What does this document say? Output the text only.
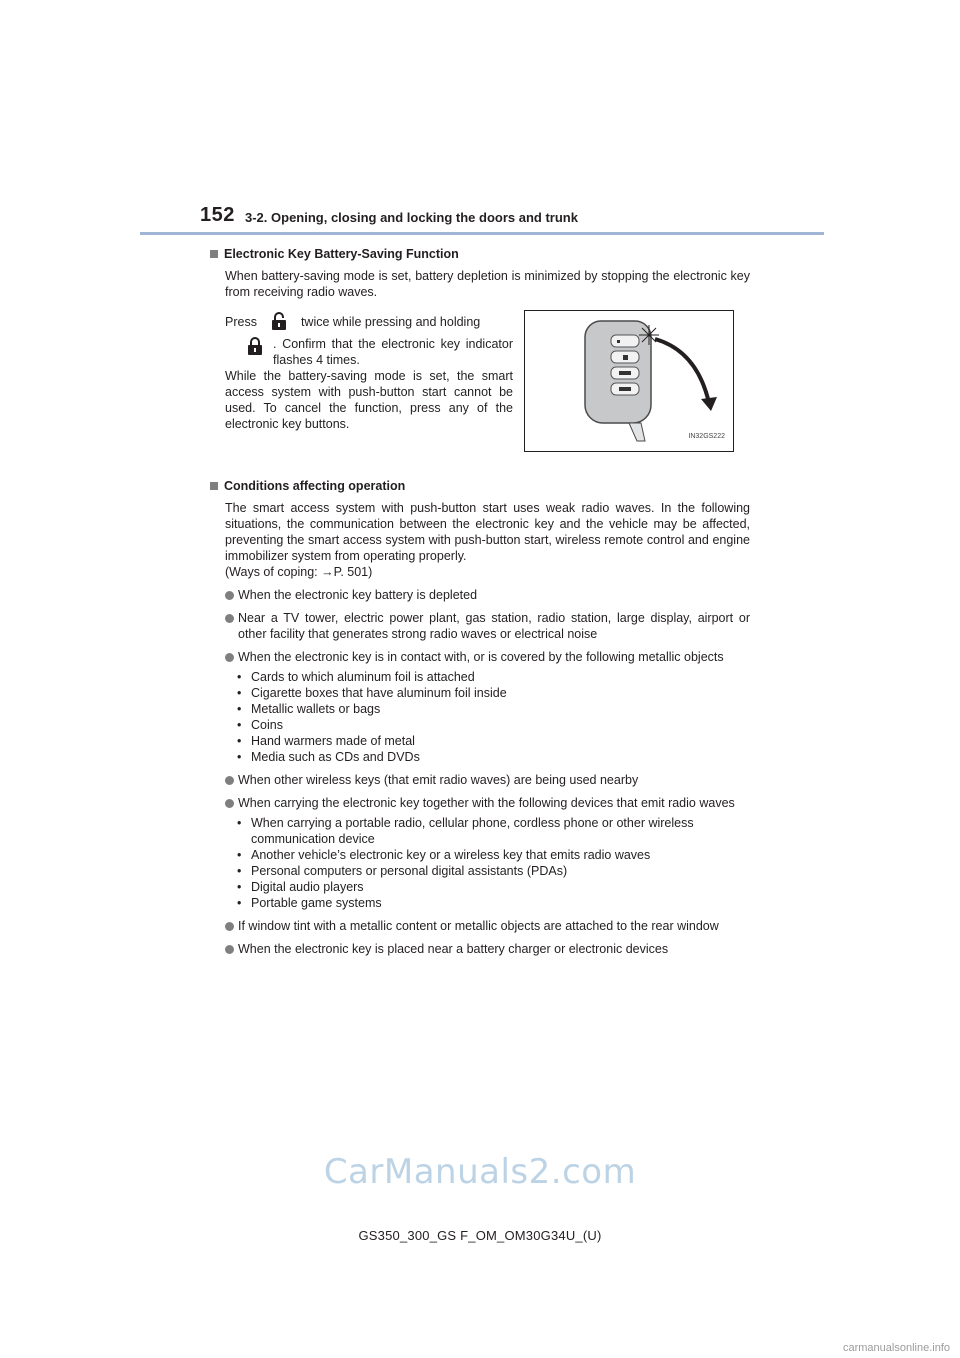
152 3-2. Opening, closing and locking the doors and trunk
Electronic Key Battery-Saving Function
When battery-saving mode is set, battery depletion is minimized by stopping the electronic key from receiving radio waves.
Press	twice while pressing and holding
. Confirm that the electronic key indicator flashes 4 times.
While the battery-saving mode is set, the smart access system with push-button start cannot be used. To cancel the function, press any of the electronic key buttons.
IN32GS222
Conditions affecting operation
The smart access system with push-button start uses weak radio waves. In the following situations, the communication between the electronic key and the vehicle may be affected, preventing the smart access system with push-button start, wireless remote control and engine immobilizer system from operating properly.
(Ways of coping: →P. 501)
When the electronic key battery is depleted
Near a TV tower, electric power plant, gas station, radio station, large display, airport or other facility that generates strong radio waves or electrical noise
When the electronic key is in contact with, or is covered by the following metallic objects
• Cards to which aluminum foil is attached
• Cigarette boxes that have aluminum foil inside
• Metallic wallets or bags
• Coins
• Hand warmers made of metal
• Media such as CDs and DVDs
When other wireless keys (that emit radio waves) are being used nearby
When carrying the electronic key together with the following devices that emit radio waves
• When carrying a portable radio, cellular phone, cordless phone or other wireless communication device
• Another vehicle’s electronic key or a wireless key that emits radio waves
• Personal computers or personal digital assistants (PDAs)
• Digital audio players
• Portable game systems
If window tint with a metallic content or metallic objects are attached to the rear window
When the electronic key is placed near a battery charger or electronic devices
CarManuals2.com
GS350_300_GS F_OM_OM30G34U_(U)
carmanualsonline.info
